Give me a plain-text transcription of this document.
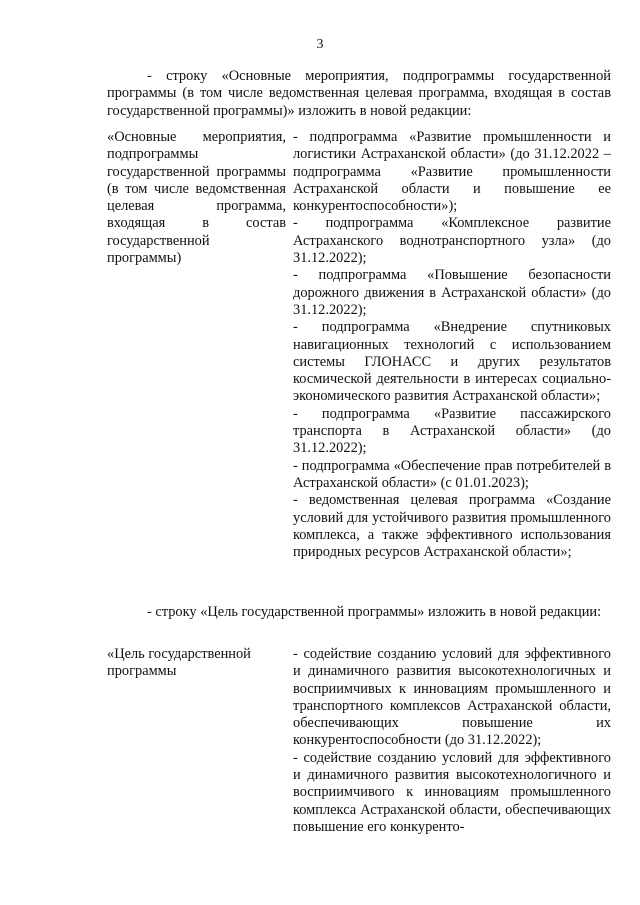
3
- строку «Основные мероприятия, подпрограммы государственной программы (в том числе ведомственная целевая программа, входящая в состав государственной программы)» изложить в новой редакции:
«Основные мероприятия, подпрограммы государственной программы (в том числе ведомственная целевая программа, входящая в состав государственной программы)

- подпрограмма «Развитие промышленности и логистики Астраханской области» (до 31.12.2022 – подпрограмма «Развитие промышленности Астраханской области и повышение ее конкурентоспособности»);

- подпрограмма «Комплексное развитие Астраханского воднотранспортного узла» (до 31.12.2022);

- подпрограмма «Повышение безопасности дорожного движения в Астраханской области» (до 31.12.2022);

- подпрограмма «Внедрение спутниковых навигационных технологий с использованием системы ГЛОНАСС и других результатов космической деятельности в интересах социально-экономического развития Астраханской области»;

- подпрограмма «Развитие пассажирского транспорта в Астраханской области» (до 31.12.2022);

- подпрограмма «Обеспечение прав потребителей в Астраханской области» (с 01.01.2023);

- ведомственная целевая программа «Создание условий для устойчивого развития промышленного комплекса, а также эффективного использования природных ресурсов Астраханской области»;

- строку «Цель государственной программы» изложить в новой редакции:
«Цель государственной программы

- содействие созданию условий для эффективного и динамичного развития высокотехнологичных и восприимчивых к инновациям промышленного и транспортного комплексов Астраханской области, обеспечивающих повышение их конкурентоспособности (до 31.12.2022);

- содействие созданию условий для эффективного и динамичного развития высокотехнологичного и восприимчивого к инновациям промышленного комплекса Астраханской области, обеспечивающих повышение его конкуренто-
